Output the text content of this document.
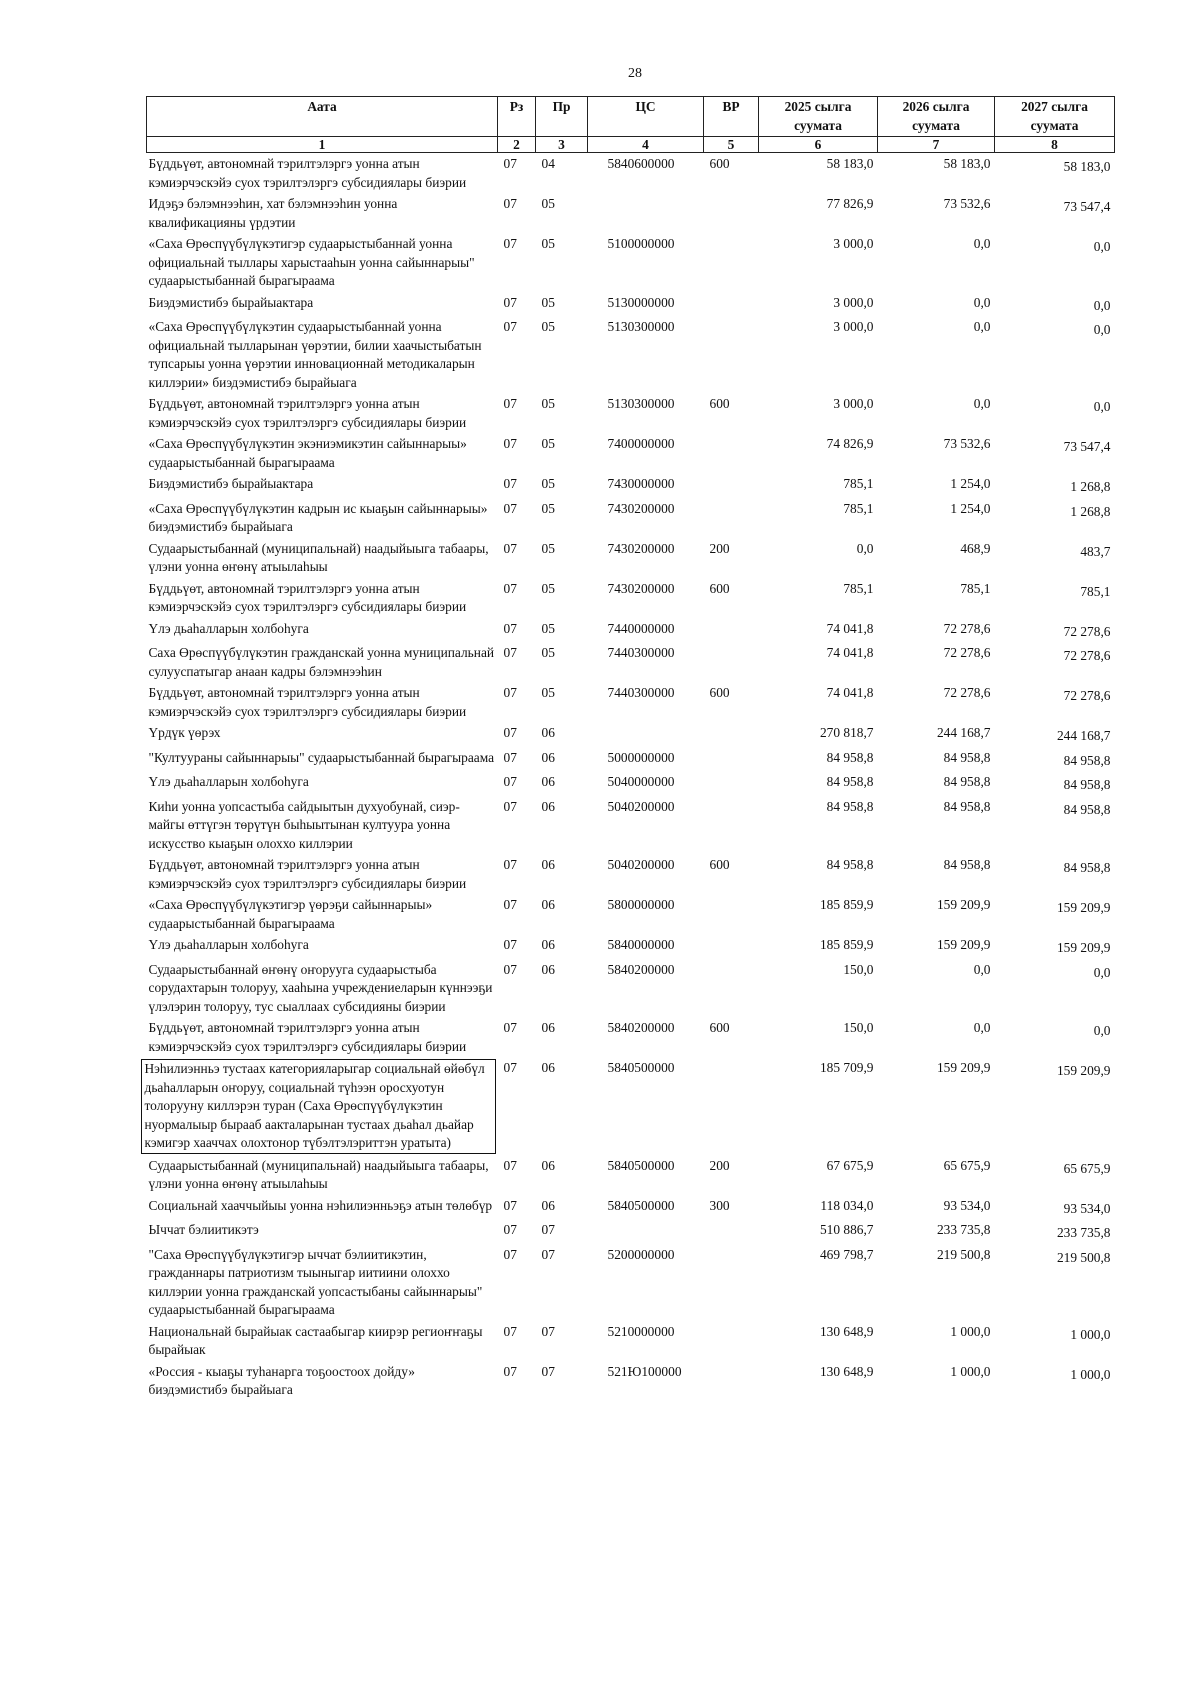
28
Аата	Рз	Пр	ЦС	ВР	2025 сылга суумата	2026 сылга суумата	2027 сылга суумата
1	2	3	4	5	6	7	8
Бүддьүөт, автономнай тэрилтэлэргэ уонна атын кэмиэрчэскэйэ суох тэрилтэлэргэ субсидиялары биэрии	07	04	5840600000	600	58 183,0	58 183,0	58 183,0
Идэҕэ бэлэмнээһин, хат бэлэмнээһин уонна квалификацияны үрдэтии	07	05			77 826,9	73 532,6	73 547,4
«Саха Өрөспүүбүлүкэтигэр судаарыстыбаннай уонна официальнай тыллары харыстааһын уонна сайыннарыы" судаарыстыбаннай бырагыраама	07	05	5100000000		3 000,0	0,0	0,0
Биэдэмистибэ бырайыактара	07	05	5130000000		3 000,0	0,0	0,0
«Саха Өрөспүүбүлүкэтин судаарыстыбаннай уонна официальнай тылларынан үөрэтии, билии хаачыстыбатын тупсарыы уонна үөрэтии инновационнай методикаларын киллэрии» биэдэмистибэ бырайыага	07	05	5130300000		3 000,0	0,0	0,0
Бүддьүөт, автономнай тэрилтэлэргэ уонна атын кэмиэрчэскэйэ суох тэрилтэлэргэ субсидиялары биэрии	07	05	5130300000	600	3 000,0	0,0	0,0
«Саха Өрөспүүбүлүкэтин экэниэмикэтин сайыннарыы» судаарыстыбаннай бырагыраама	07	05	7400000000		74 826,9	73 532,6	73 547,4
Биэдэмистибэ бырайыактара	07	05	7430000000		785,1	1 254,0	1 268,8
«Саха Өрөспүүбүлүкэтин кадрын ис кыаҕын сайыннарыы» биэдэмистибэ бырайыага	07	05	7430200000		785,1	1 254,0	1 268,8
Судаарыстыбаннай (муниципальнай) наадыйыыга табаары, үлэни уонна өҥөнү атыылаһыы	07	05	7430200000	200	0,0	468,9	483,7
Бүддьүөт, автономнай тэрилтэлэргэ уонна атын кэмиэрчэскэйэ суох тэрилтэлэргэ субсидиялары биэрии	07	05	7430200000	600	785,1	785,1	785,1
Үлэ дьаһалларын холбоһуга	07	05	7440000000		74 041,8	72 278,6	72 278,6
Саха Өрөспүүбүлүкэтин гражданскай уонна муниципальнай сулууспатыгар анаан кадры бэлэмнээһин	07	05	7440300000		74 041,8	72 278,6	72 278,6
Бүддьүөт, автономнай тэрилтэлэргэ уонна атын кэмиэрчэскэйэ суох тэрилтэлэргэ субсидиялары биэрии	07	05	7440300000	600	74 041,8	72 278,6	72 278,6
Үрдүк үөрэх	07	06			270 818,7	244 168,7	244 168,7
"Култуураны сайыннарыы" судаарыстыбаннай бырагыраама	07	06	5000000000		84 958,8	84 958,8	84 958,8
Үлэ дьаһалларын холбоһуга	07	06	5040000000		84 958,8	84 958,8	84 958,8
Киһи уонна уопсастыба сайдыытын духуобунай, сиэр-майгы өттүгэн төрүтүн быһыытынан култуура уонна искусство кыаҕын олоххо киллэрии	07	06	5040200000		84 958,8	84 958,8	84 958,8
Бүддьүөт, автономнай тэрилтэлэргэ уонна атын кэмиэрчэскэйэ суох тэрилтэлэргэ субсидиялары биэрии	07	06	5040200000	600	84 958,8	84 958,8	84 958,8
«Саха Өрөспүүбүлүкэтигэр үөрэҕи сайыннарыы» судаарыстыбаннай бырагыраама	07	06	5800000000		185 859,9	159 209,9	159 209,9
Үлэ дьаһалларын холбоһуга	07	06	5840000000		185 859,9	159 209,9	159 209,9
Судаарыстыбаннай өҥөнү оҥорууга судаарыстыба сорудахтарын толоруу, хааһына учреждениеларын күннээҕи үлэлэрин толоруу, тус сыаллаах субсидияны биэрии	07	06	5840200000		150,0	0,0	0,0
Бүддьүөт, автономнай тэрилтэлэргэ уонна атын кэмиэрчэскэйэ суох тэрилтэлэргэ субсидиялары биэрии	07	06	5840200000	600	150,0	0,0	0,0

Нэһилиэнньэ тустаах категорияларыгар социальнай өйөбүл дьаһалларын оҥоруу, социальнай түһээн оросхуотун толорууну киллэрэн туран (Саха Өрөспүүбүлүкэтин нуормалыыр бырааб аакталарынан тустаах дьаһал дьайар кэмигэр хааччах олохтонор түбэлтэлэриттэн уратыта)	07	06	5840500000		185 709,9	159 209,9	159 209,9
Судаарыстыбаннай (муниципальнай) наадыйыыга табаары, үлэни уонна өҥөнү атыылаһыы	07	06	5840500000	200	67 675,9	65 675,9	65 675,9
Социальнай хааччыйыы уонна нэһилиэнньэҕэ атын төлөбүр	07	06	5840500000	300	118 034,0	93 534,0	93 534,0
Ыччат бэлиитикэтэ	07	07			510 886,7	233 735,8	233 735,8
"Саха Өрөспүүбүлүкэтигэр ыччат бэлиитикэтин, гражданнары патриотизм тыыныгар иитиини олоххо киллэрии уонна гражданскай уопсастыбаны сайыннарыы" судаарыстыбаннай бырагыраама	07	07	5200000000		469 798,7	219 500,8	219 500,8
Национальнай бырайыак састаабыгар киирэр региоҥҥаҕы бырайыак	07	07	5210000000		130 648,9	1 000,0	1 000,0
«Россия - кыаҕы туһанарга тоҕоостоох дойду» биэдэмистибэ бырайыага	07	07	521Ю100000		130 648,9	1 000,0	1 000,0
